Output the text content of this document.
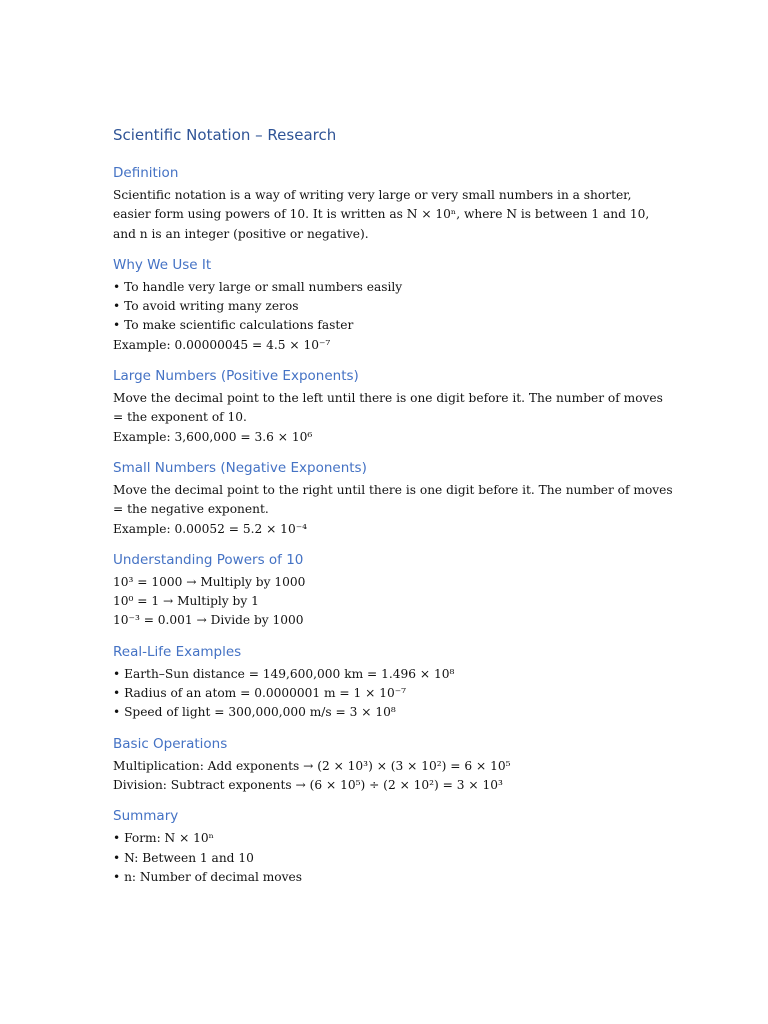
Scientific Notation – Research
Definition

Scientific notation is a way of writing very large or very small numbers in a shorter, easier form using powers of 10. It is written as N × 10ⁿ, where N is between 1 and 10, and n is an integer (positive or negative).

Why We Use It
• To handle very large or small numbers easily
• To avoid writing many zeros
• To make scientific calculations faster
Example: 0.00000045 = 4.5 × 10⁻⁷
Large Numbers (Positive Exponents)

Move the decimal point to the left until there is one digit before it. The number of moves = the exponent of 10.

Example: 3,600,000 = 3.6 × 10⁶
Small Numbers (Negative Exponents)

Move the decimal point to the right until there is one digit before it. The number of moves = the negative exponent.

Example: 0.00052 = 5.2 × 10⁻⁴
Understanding Powers of 10
10³ = 1000 → Multiply by 1000
10⁰ = 1 → Multiply by 1
10⁻³ = 0.001 → Divide by 1000
Real-Life Examples
• Earth–Sun distance = 149,600,000 km = 1.496 × 10⁸
• Radius of an atom = 0.0000001 m = 1 × 10⁻⁷
• Speed of light = 300,000,000 m/s = 3 × 10⁸
Basic Operations
Multiplication: Add exponents → (2 × 10³) × (3 × 10²) = 6 × 10⁵
Division: Subtract exponents → (6 × 10⁵) ÷ (2 × 10²) = 3 × 10³
Summary
• Form: N × 10ⁿ
• N: Between 1 and 10
• n: Number of decimal moves
